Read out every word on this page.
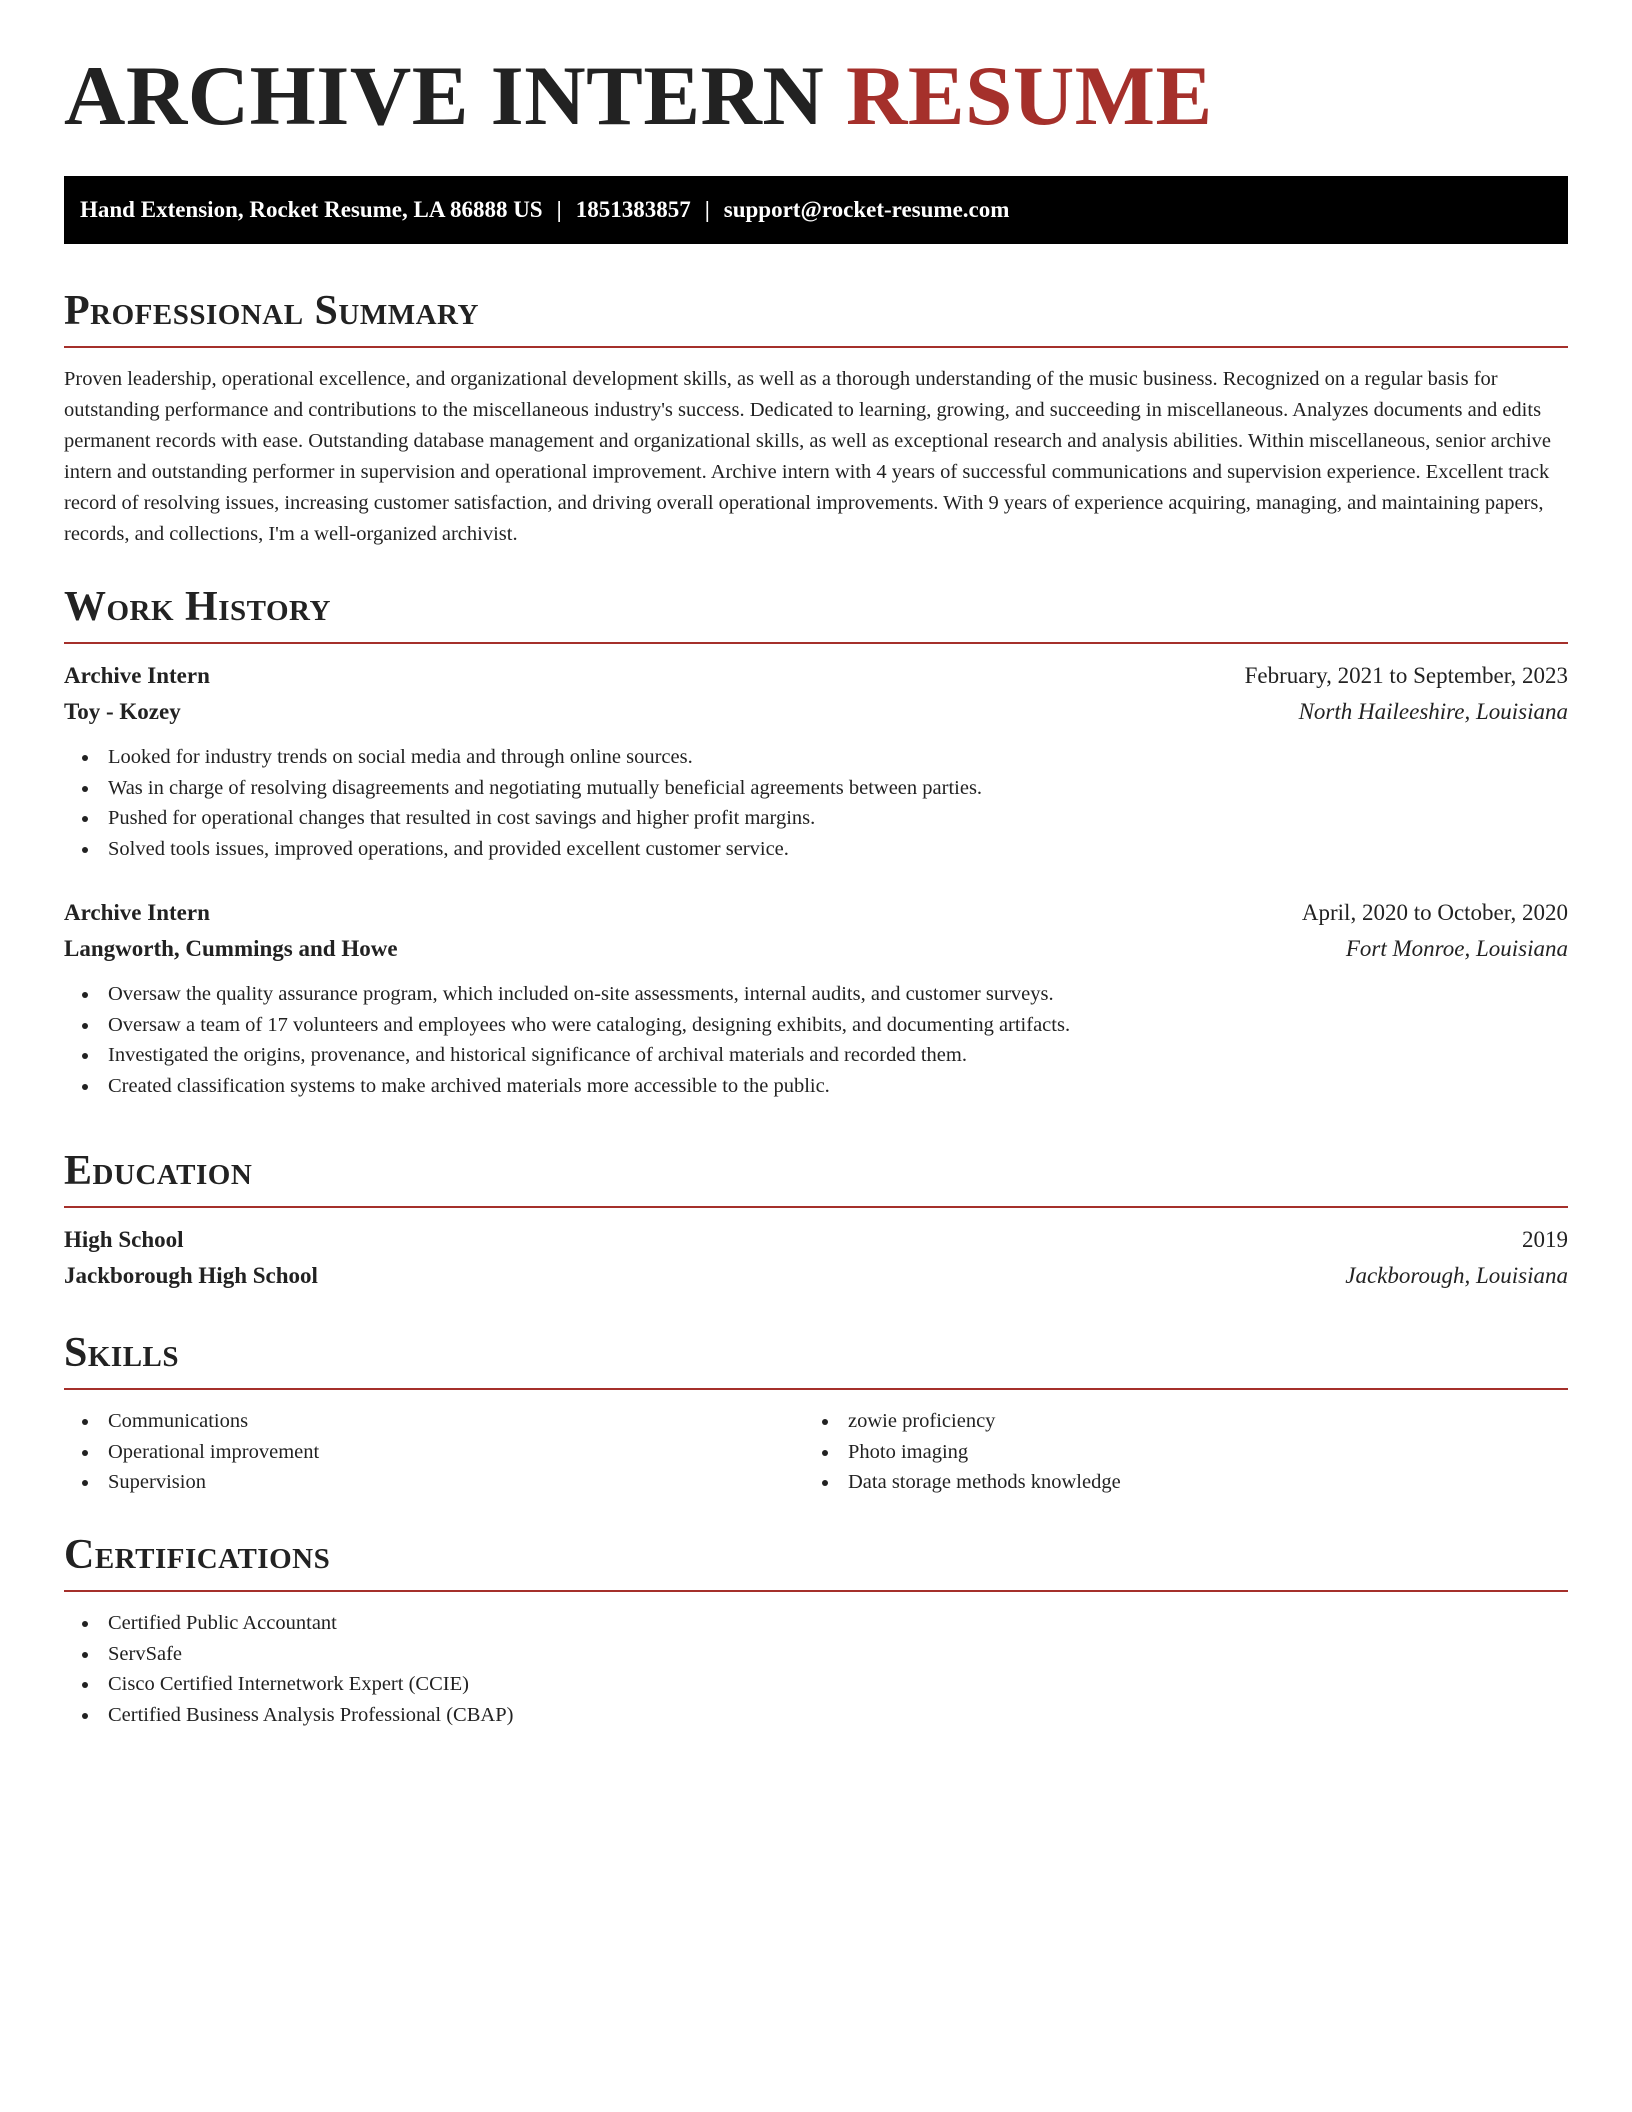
ARCHIVE INTERN RESUME
Hand Extension, Rocket Resume, LA 86888 US | 1851383857 | support@rocket-resume.com
Professional Summary

Proven leadership, operational excellence, and organizational development skills, as well as a thorough understanding of the music business. Recognized on a regular basis for outstanding performance and contributions to the miscellaneous industry's success. Dedicated to learning, growing, and succeeding in miscellaneous. Analyzes documents and edits permanent records with ease. Outstanding database management and organizational skills, as well as exceptional research and analysis abilities. Within miscellaneous, senior archive intern and outstanding performer in supervision and operational improvement. Archive intern with 4 years of successful communications and supervision experience. Excellent track record of resolving issues, increasing customer satisfaction, and driving overall operational improvements. With 9 years of experience acquiring, managing, and maintaining papers, records, and collections, I'm a well-organized archivist.

Work History
Archive Intern	February, 2021 to September, 2023
Toy - Kozey	North Haileeshire, Louisiana
Looked for industry trends on social media and through online sources.
Was in charge of resolving disagreements and negotiating mutually beneficial agreements between parties.
Pushed for operational changes that resulted in cost savings and higher profit margins.
Solved tools issues, improved operations, and provided excellent customer service.
Archive Intern	April, 2020 to October, 2020
Langworth, Cummings and Howe	Fort Monroe, Louisiana
Oversaw the quality assurance program, which included on-site assessments, internal audits, and customer surveys.
Oversaw a team of 17 volunteers and employees who were cataloging, designing exhibits, and documenting artifacts.
Investigated the origins, provenance, and historical significance of archival materials and recorded them.
Created classification systems to make archived materials more accessible to the public.
Education
High School	2019
Jackborough High School	Jackborough, Louisiana
Skills
Communications
Operational improvement
Supervision
zowie proficiency
Photo imaging
Data storage methods knowledge
Certifications
Certified Public Accountant
ServSafe
Cisco Certified Internetwork Expert (CCIE)
Certified Business Analysis Professional (CBAP)
